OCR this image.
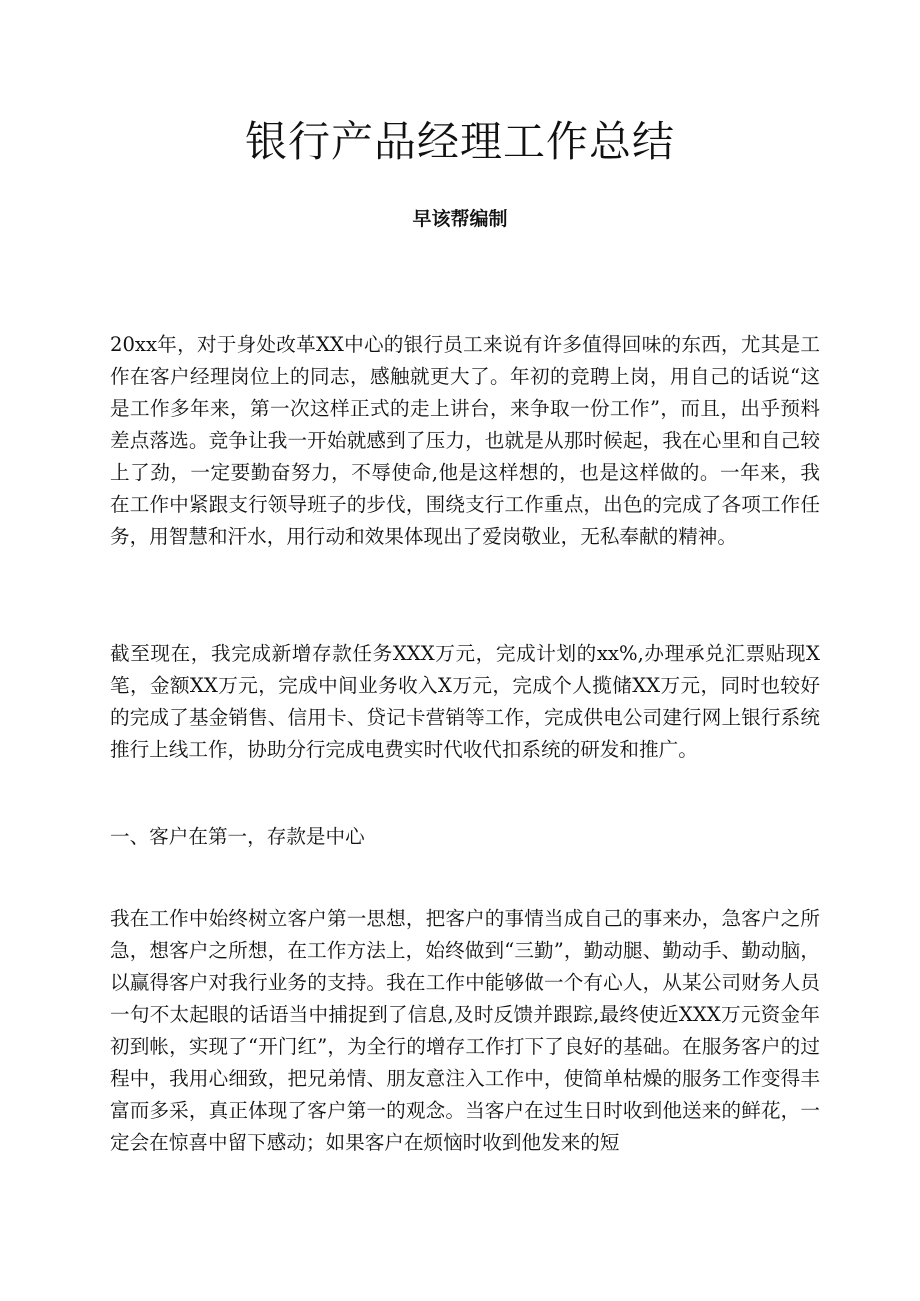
银行产品经理工作总结

早该帮编制

20xx年，对于身处改革XX中心的银行员工来说有许多值得回味的东西，尤其是工作在客户经理岗位上的同志，感触就更大了。年初的竞聘上岗，用自己的话说“这是工作多年来，第一次这样正式的走上讲台，来争取一份工作”，而且，出乎预料差点落选。竞争让我一开始就感到了压力，也就是从那时候起，我在心里和自己较上了劲，一定要勤奋努力，不辱使命,他是这样想的，也是这样做的。一年来，我在工作中紧跟支行领导班子的步伐，围绕支行工作重点，出色的完成了各项工作任务，用智慧和汗水，用行动和效果体现出了爱岗敬业，无私奉献的精神。

截至现在，我完成新增存款任务XXX万元，完成计划的xx%,办理承兑汇票贴现X笔，金额XX万元，完成中间业务收入X万元，完成个人揽储XX万元，同时也较好的完成了基金销售、信用卡、贷记卡营销等工作，完成供电公司建行网上银行系统推行上线工作，协助分行完成电费实时代收代扣系统的研发和推广。

一、客户在第一，存款是中心

我在工作中始终树立客户第一思想，把客户的事情当成自己的事来办，急客户之所急，想客户之所想，在工作方法上，始终做到“三勤”，勤动腿、勤动手、勤动脑，以赢得客户对我行业务的支持。我在工作中能够做一个有心人，从某公司财务人员一句不太起眼的话语当中捕捉到了信息,及时反馈并跟踪,最终使近XXX万元资金年初到帐，实现了“开门红”，为全行的增存工作打下了良好的基础。在服务客户的过程中，我用心细致，把兄弟情、朋友意注入工作中，使简单枯燥的服务工作变得丰富而多采，真正体现了客户第一的观念。当客户在过生日时收到他送来的鲜花，一定会在惊喜中留下感动；如果客户在烦恼时收到他发来的短
